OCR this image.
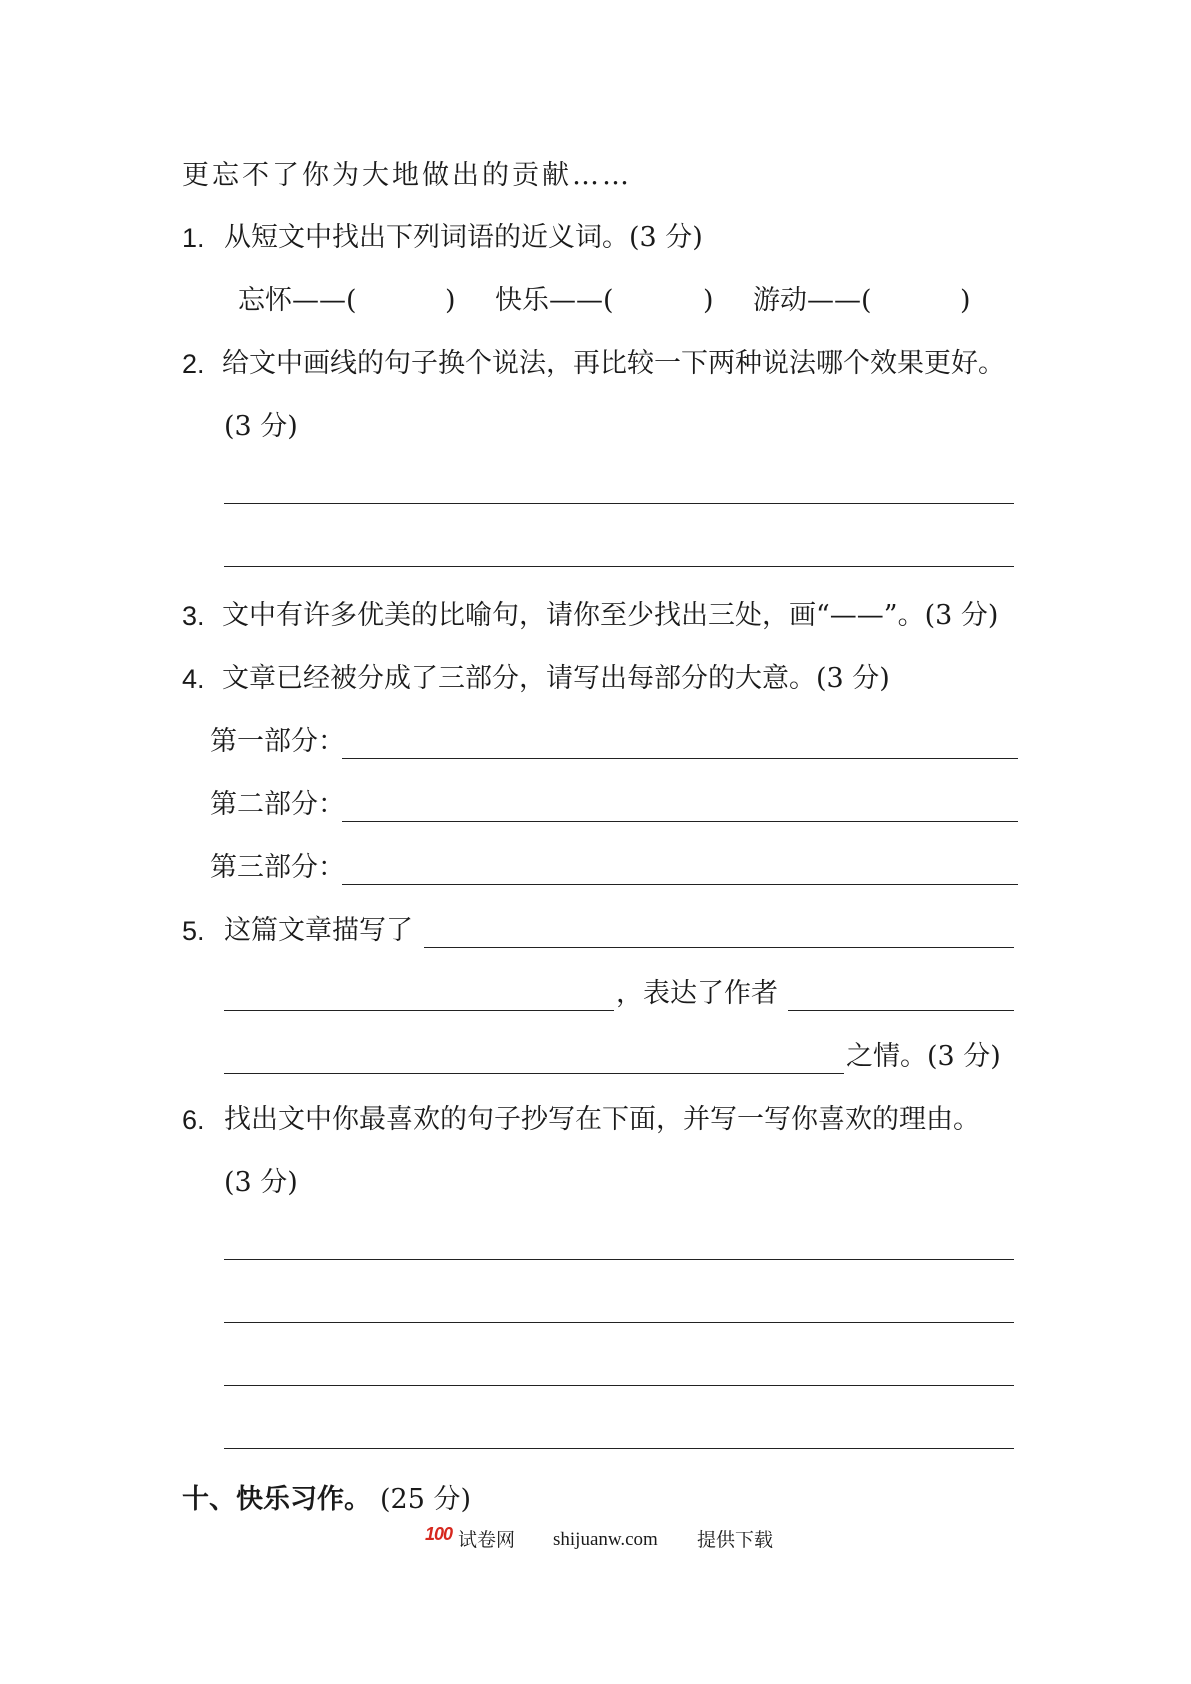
更忘不了你为大地做出的贡献……
1. 从短文中找出下列词语的近义词。(3 分)
忘怀——(	) 快乐——(	) 游动——(	)
2. 给文中画线的句子换个说法，再比较一下两种说法哪个效果更好。
(3 分)
3. 文中有许多优美的比喻句，请你至少找出三处，画“——”。(3 分)
4. 文章已经被分成了三部分，请写出每部分的大意。(3 分)
第一部分：
第二部分：
第三部分：
5. 这篇文章描写了
，表达了作者
之情。(3 分)
6. 找出文中你最喜欢的句子抄写在下面，并写一写你喜欢的理由。
(3 分)
十、快乐习作。 (25 分)
100 试卷网 shijuanw.com 提供下载
